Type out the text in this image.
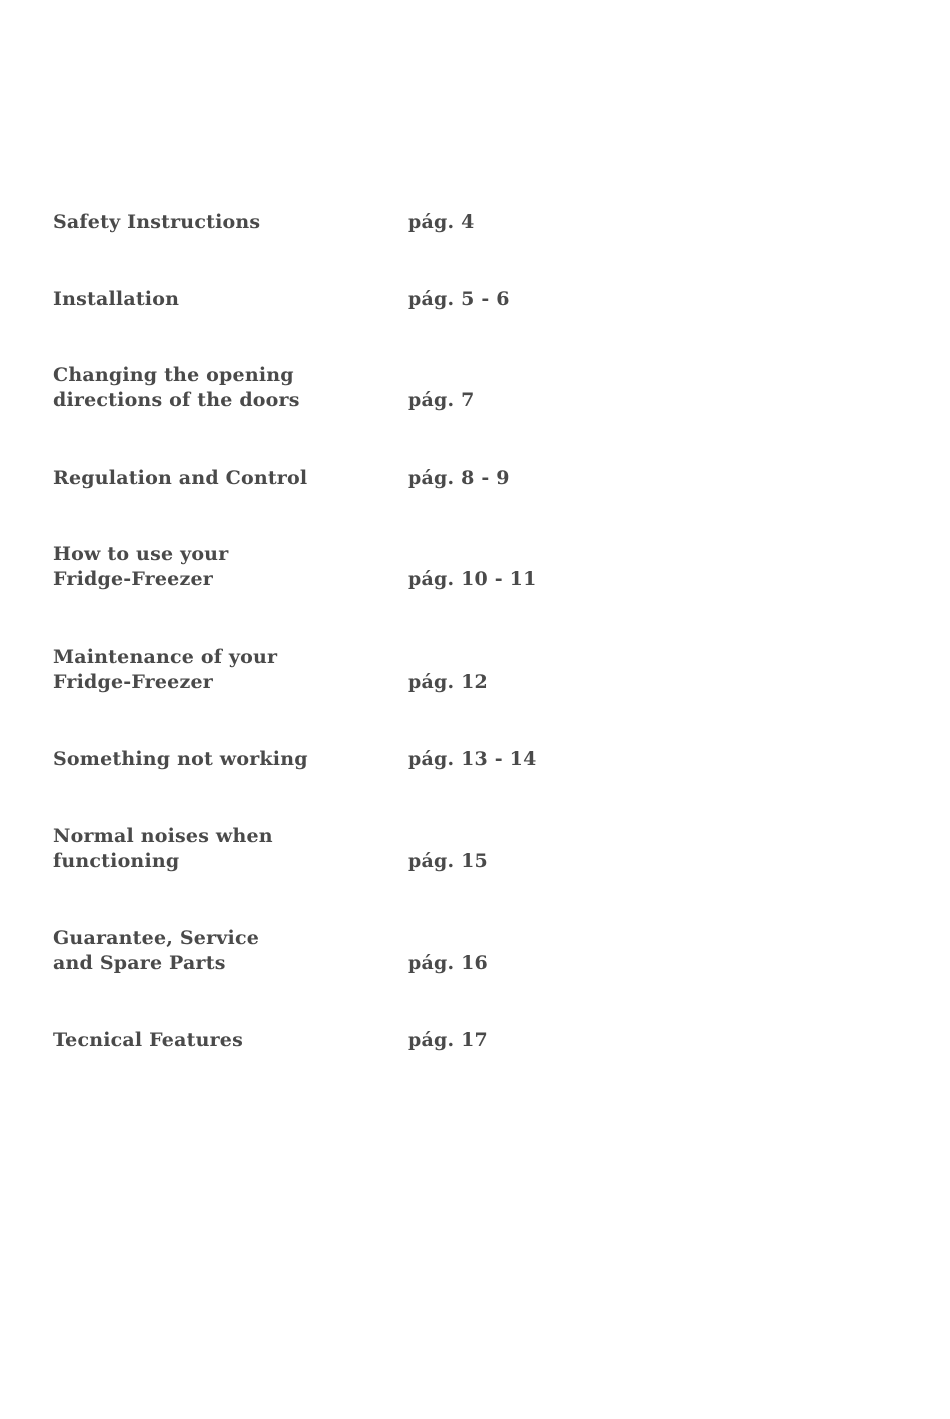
Safety Instructions	pág. 4
Installation	pág. 5 - 6
Changing the opening
directions of the doors	pág. 7
Regulation and Control	pág. 8 - 9
How to use your
Fridge-Freezer	pág. 10 - 11
Maintenance of your
Fridge-Freezer	pág. 12
Something not working	pág. 13 - 14
Normal noises when
functioning	pág. 15
Guarantee, Service
and Spare Parts	pág. 16
Tecnical Features	pág. 17
